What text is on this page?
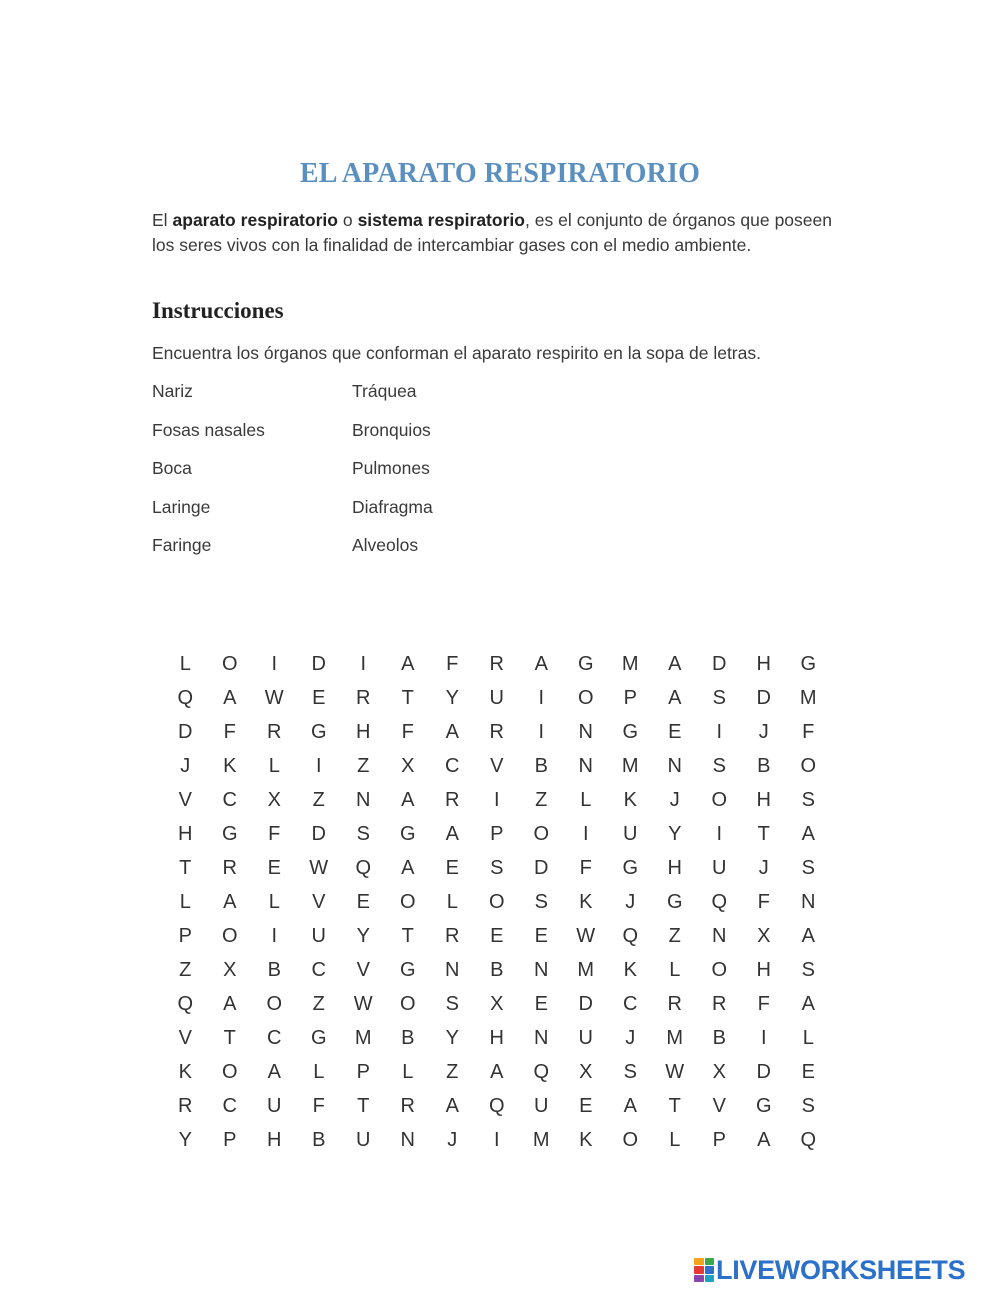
EL APARATO RESPIRATORIO
El aparato respiratorio o sistema respiratorio, es el conjunto de órganos que poseen los seres vivos con la finalidad de intercambiar gases con el medio ambiente.
Instrucciones
Encuentra los órganos que conforman el aparato respirito en la sopa de letras.
Nariz	Tráquea
Fosas nasales	Bronquios
Boca	Pulmones
Laringe	Diafragma
Faringe	Alveolos
L	O	I	D	I	A	F	R	A	G	M	A	D	H	G
Q	A	W	E	R	T	Y	U	I	O	P	A	S	D	M
D	F	R	G	H	F	A	R	I	N	G	E	I	J	F
J	K	L	I	Z	X	C	V	B	N	M	N	S	B	O
V	C	X	Z	N	A	R	I	Z	L	K	J	O	H	S
H	G	F	D	S	G	A	P	O	I	U	Y	I	T	A
T	R	E	W	Q	A	E	S	D	F	G	H	U	J	S
L	A	L	V	E	O	L	O	S	K	J	G	Q	F	N
P	O	I	U	Y	T	R	E	E	W	Q	Z	N	X	A
Z	X	B	C	V	G	N	B	N	M	K	L	O	H	S
Q	A	O	Z	W	O	S	X	E	D	C	R	R	F	A
V	T	C	G	M	B	Y	H	N	U	J	M	B	I	L
K	O	A	L	P	L	Z	A	Q	X	S	W	X	D	E
R	C	U	F	T	R	A	Q	U	E	A	T	V	G	S
Y	P	H	B	U	N	J	I	M	K	O	L	P	A	Q
LIVEWORKSHEETS
